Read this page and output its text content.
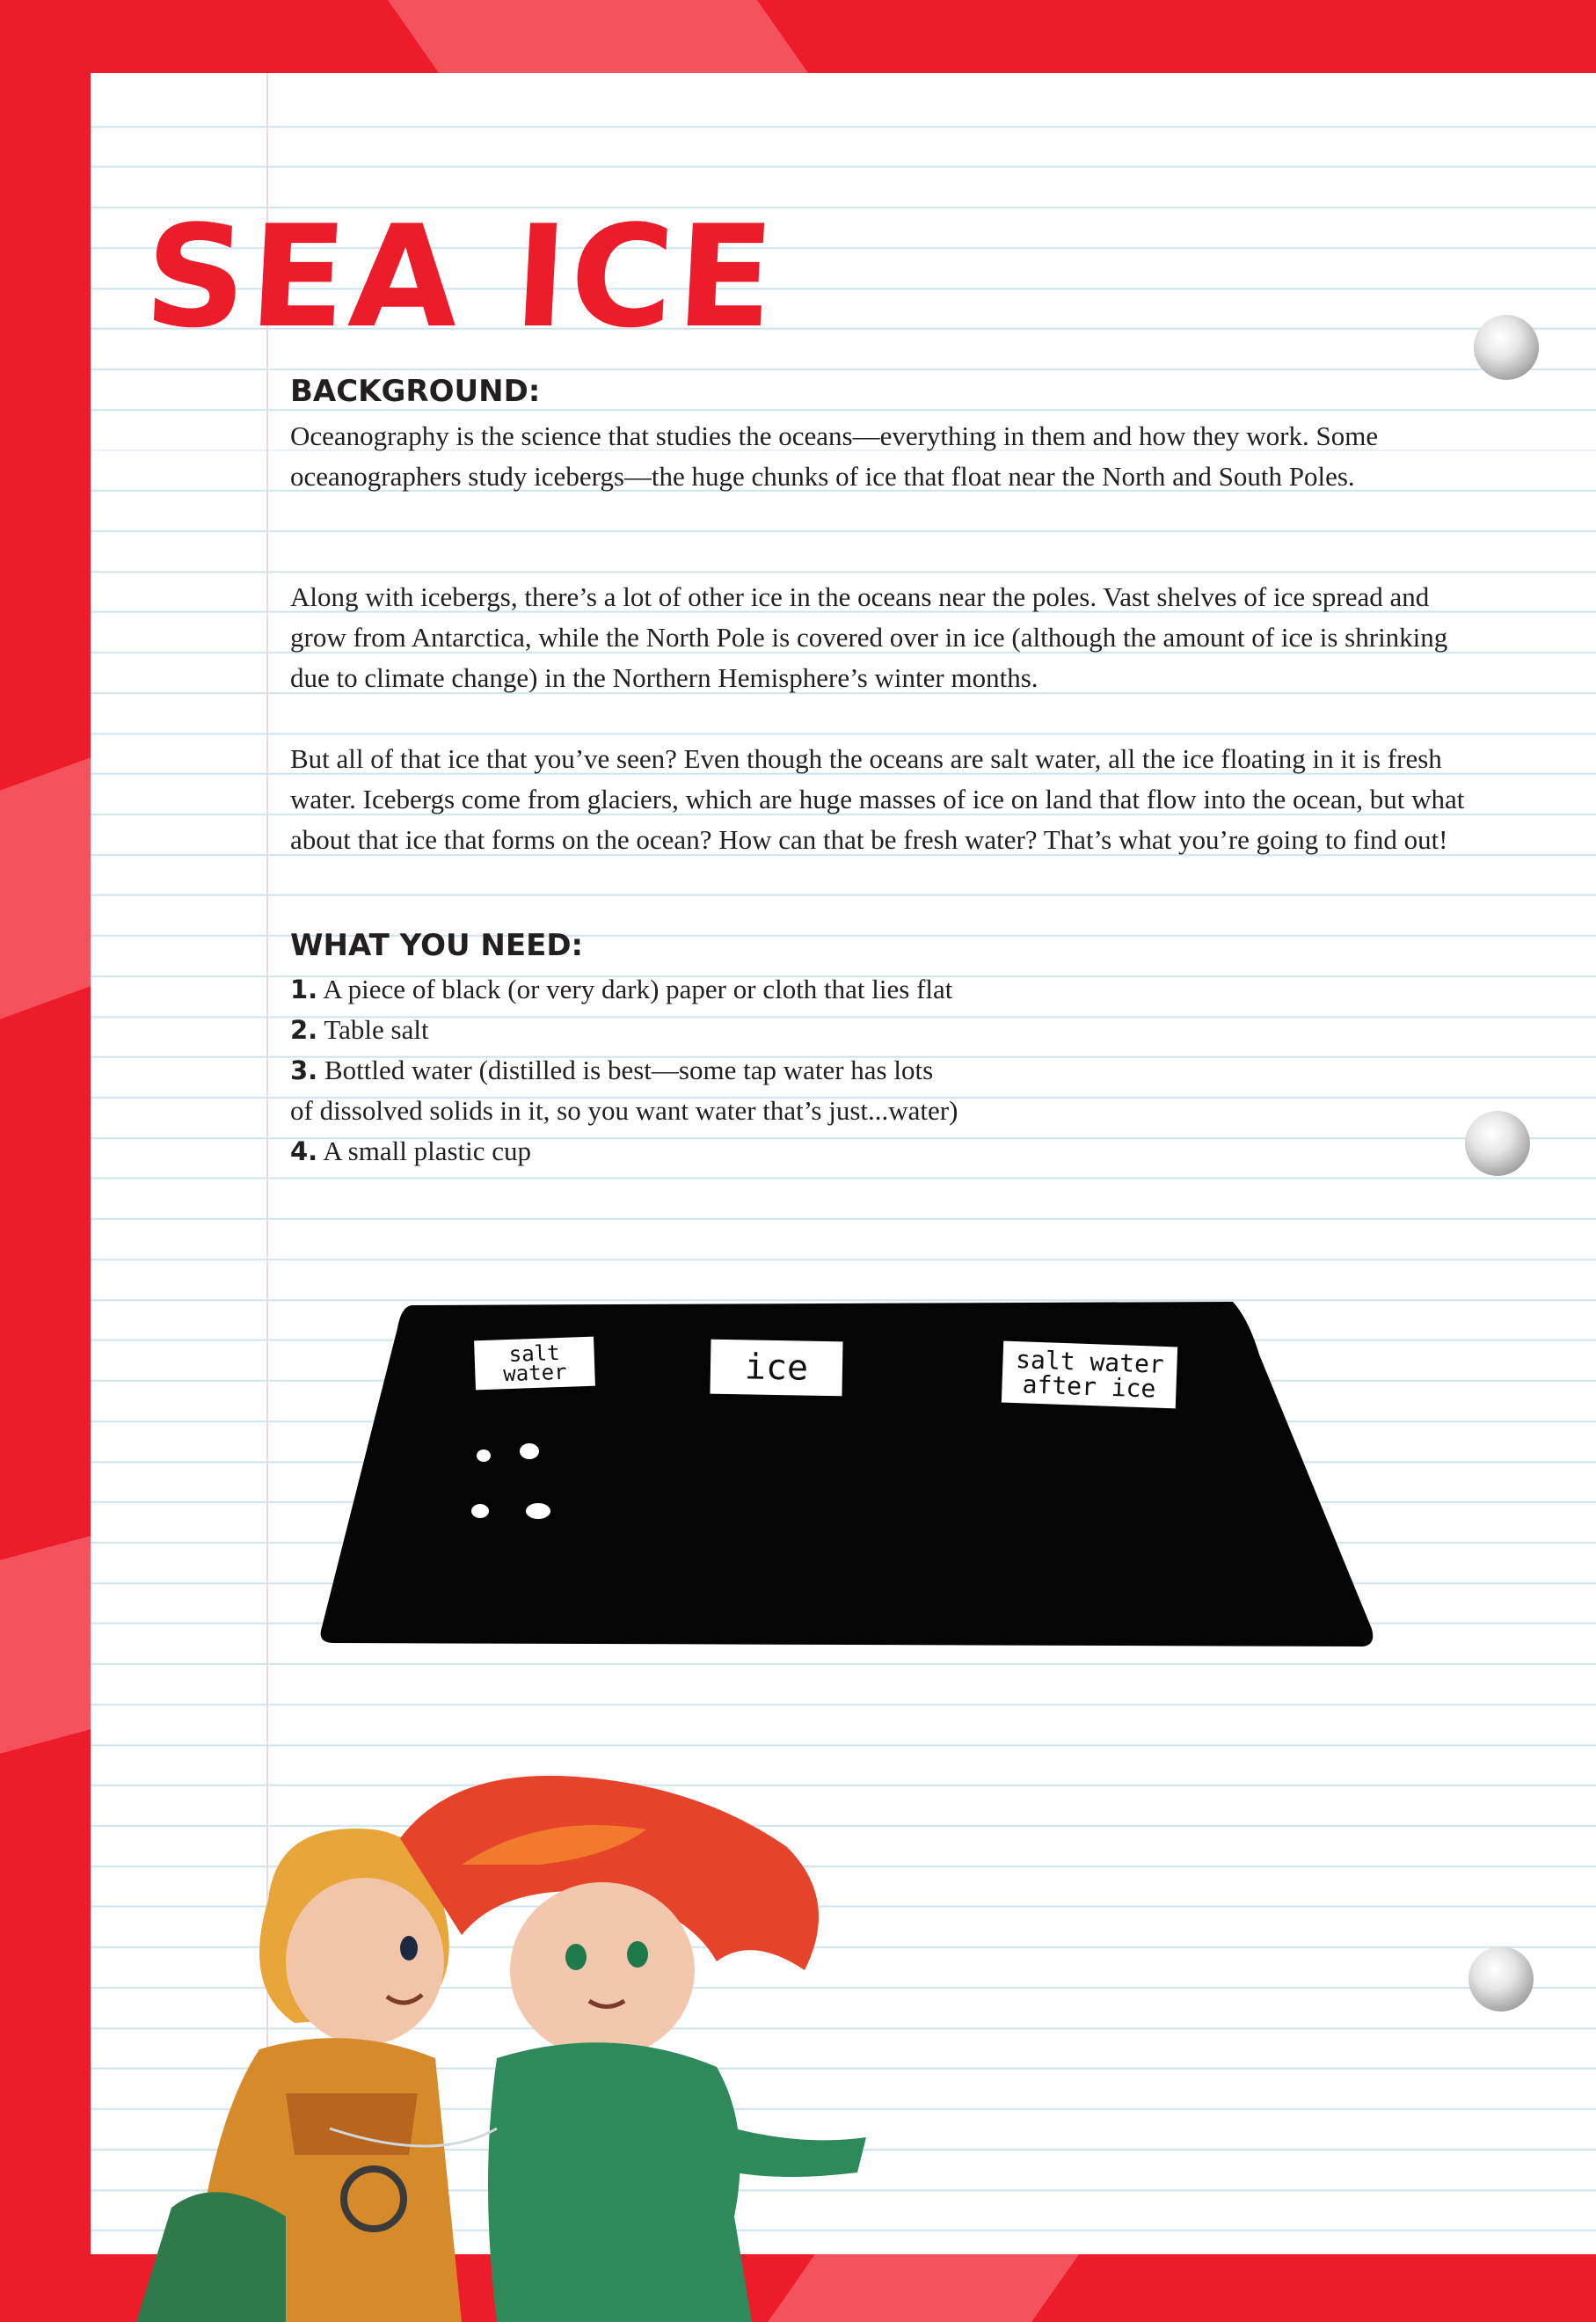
SEA ICE
BACKGROUND:

Oceanography is the science that studies the oceans—everything in them and how they work. Some oceanographers study icebergs—the huge chunks of ice that float near the North and South Poles.

Along with icebergs, there’s a lot of other ice in the oceans near the poles. Vast shelves of ice spread and grow from Antarctica, while the North Pole is covered over in ice (although the amount of ice is shrinking due to climate change) in the Northern Hemisphere’s winter months.

But all of that ice that you’ve seen? Even though the oceans are salt water, all the ice floating in it is fresh water. Icebergs come from glaciers, which are huge masses of ice on land that flow into the ocean, but what about that ice that forms on the ocean? How can that be fresh water? That’s what you’re going to find out!

WHAT YOU NEED:
1. A piece of black (or very dark) paper or cloth that lies flat
2. Table salt
3. Bottled water (distilled is best—some tap water has lots
of dissolved solids in it, so you want water that’s just...water)
4. A small plastic cup
salt
water	ice	salt water
after ice
